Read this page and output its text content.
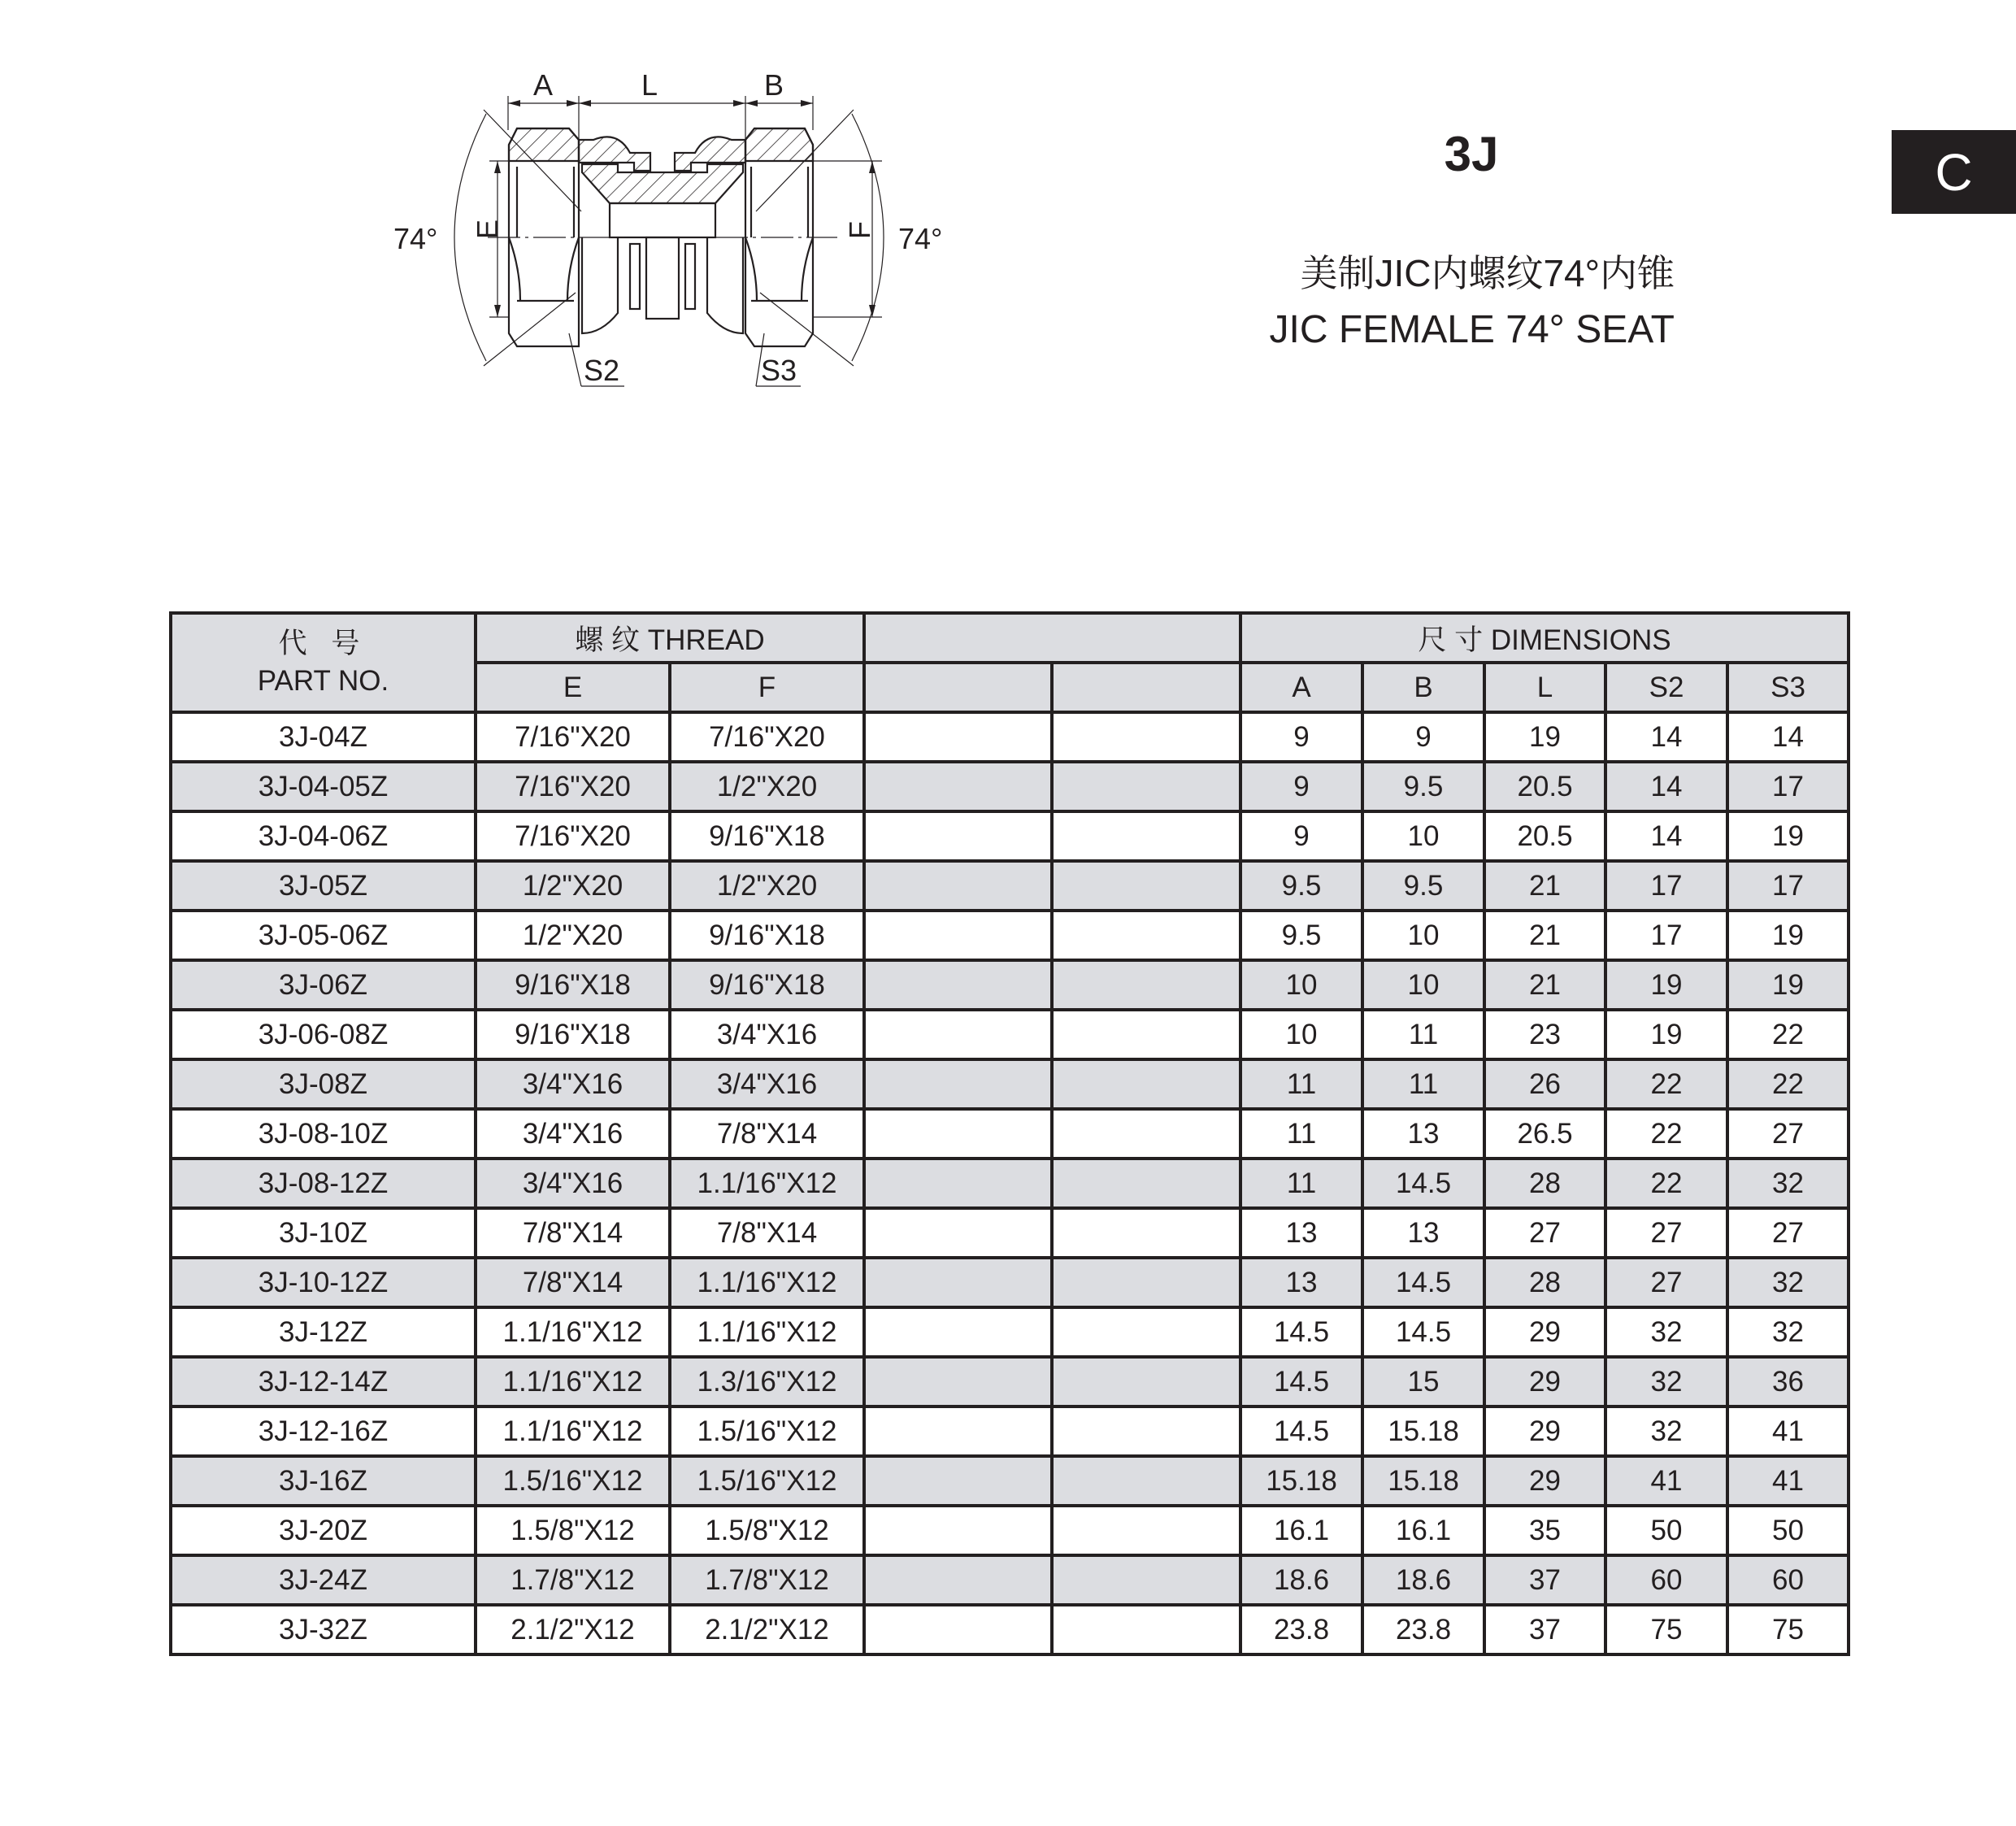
A	L	B
74°	74°
E	F
S2	S3
C
3J
美制JIC内螺纹74°内锥
JIC FEMALE 74° SEAT
代 号
PART NO.	螺 纹 THREAD				尺 寸 DIMENSIONS				
	E	F			A	B	L	S2	S3
3J-04Z	7/16"X20	7/16"X20			9	9	19	14	14
3J-04-05Z	7/16"X20	1/2"X20			9	9.5	20.5	14	17
3J-04-06Z	7/16"X20	9/16"X18			9	10	20.5	14	19
3J-05Z	1/2"X20	1/2"X20			9.5	9.5	21	17	17
3J-05-06Z	1/2"X20	9/16"X18			9.5	10	21	17	19
3J-06Z	9/16"X18	9/16"X18			10	10	21	19	19
3J-06-08Z	9/16"X18	3/4"X16			10	11	23	19	22
3J-08Z	3/4"X16	3/4"X16			11	11	26	22	22
3J-08-10Z	3/4"X16	7/8"X14			11	13	26.5	22	27
3J-08-12Z	3/4"X16	1.1/16"X12			11	14.5	28	22	32
3J-10Z	7/8"X14	7/8"X14			13	13	27	27	27
3J-10-12Z	7/8"X14	1.1/16"X12			13	14.5	28	27	32
3J-12Z	1.1/16"X12	1.1/16"X12			14.5	14.5	29	32	32
3J-12-14Z	1.1/16"X12	1.3/16"X12			14.5	15	29	32	36
3J-12-16Z	1.1/16"X12	1.5/16"X12			14.5	15.18	29	32	41
3J-16Z	1.5/16"X12	1.5/16"X12			15.18	15.18	29	41	41
3J-20Z	1.5/8"X12	1.5/8"X12			16.1	16.1	35	50	50
3J-24Z	1.7/8"X12	1.7/8"X12			18.6	18.6	37	60	60
3J-32Z	2.1/2"X12	2.1/2"X12			23.8	23.8	37	75	75
